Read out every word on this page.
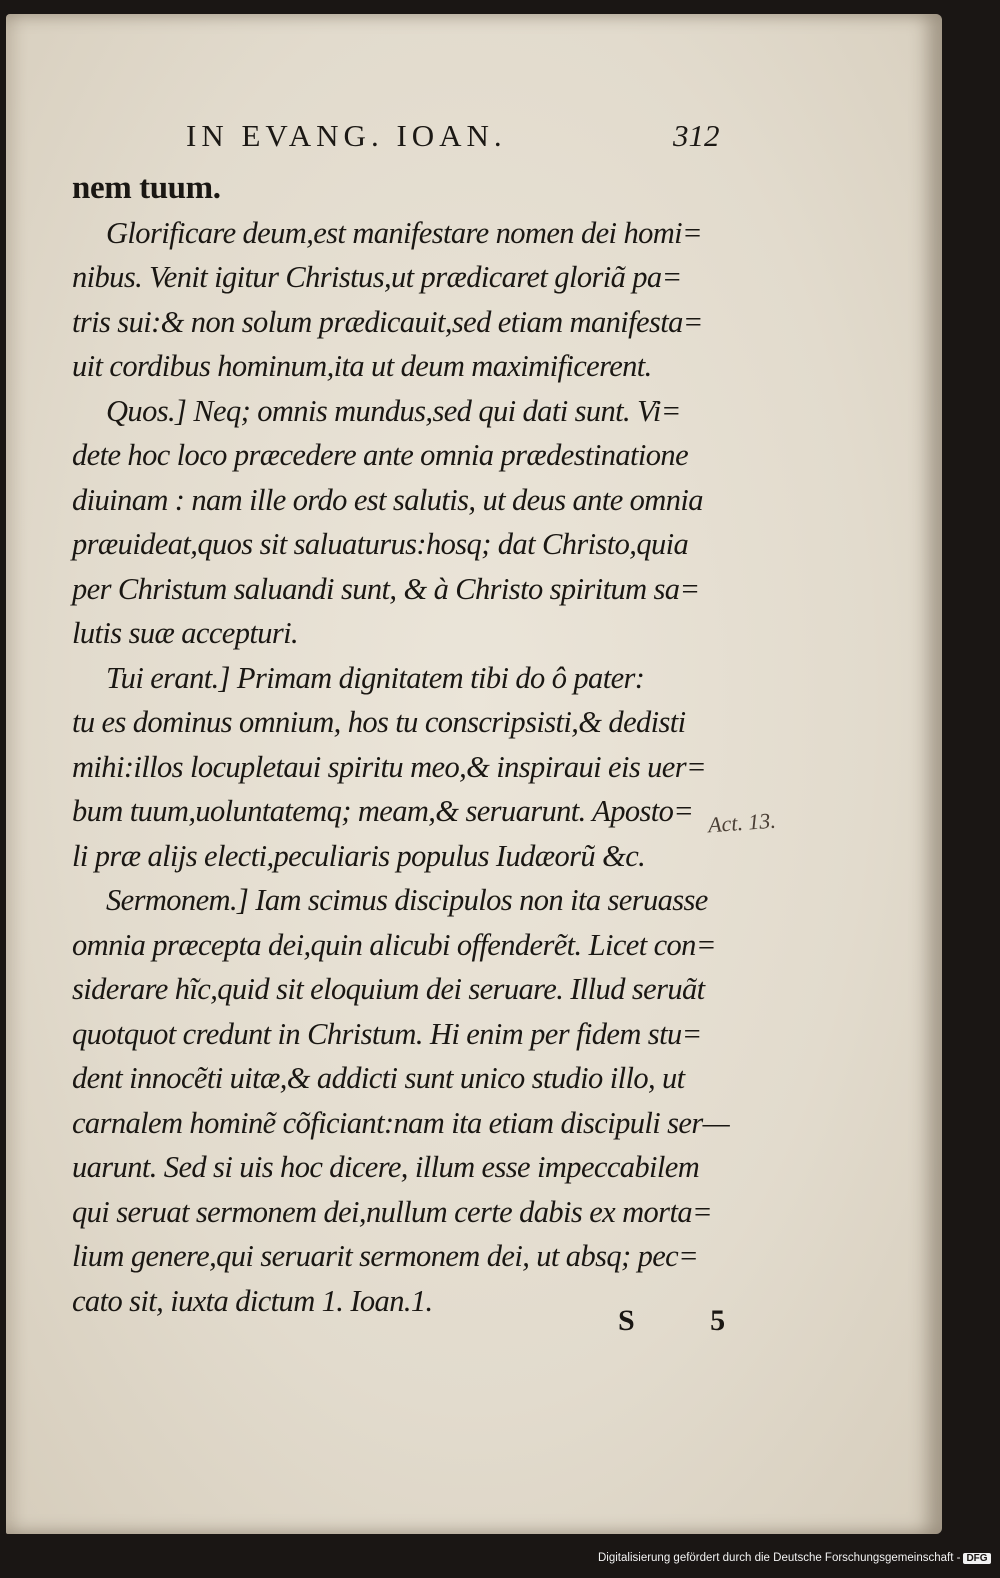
IN EVANG. IOAN.	312
nem tuum.
Glorificare deum,est manifestare nomen dei homi=
nibus. Venit igitur Christus,ut prædicaret gloriã pa=
tris sui:& non solum prædicauit,sed etiam manifesta=
uit cordibus hominum,ita ut deum maximificerent.
Quos.] Neq; omnis mundus,sed qui dati sunt. Vi=
dete hoc loco præcedere ante omnia prædestinatione
diuinam : nam ille ordo est salutis, ut deus ante omnia
præuideat,quos sit saluaturus:hosq; dat Christo,quia
per Christum saluandi sunt, & à Christo spiritum sa=
lutis suæ accepturi.
Tui erant.] Primam dignitatem tibi do ô pater:
tu es dominus omnium, hos tu conscripsisti,& dedisti
mihi:illos locupletaui spiritu meo,& inspiraui eis uer=
bum tuum,uoluntatemq; meam,& seruarunt. Aposto=
li præ alijs electi,peculiaris populus Iudæorũ &c.
Sermonem.] Iam scimus discipulos non ita seruasse
omnia præcepta dei,quin alicubi offenderẽt. Licet con=
siderare hĩc,quid sit eloquium dei seruare. Illud seruãt
quotquot credunt in Christum. Hi enim per fidem stu=
dent innocẽti uitæ,& addicti sunt unico studio illo, ut
carnalem hominẽ cõficiant:nam ita etiam discipuli ser—
uarunt. Sed si uis hoc dicere, illum esse impeccabilem
qui seruat sermonem dei,nullum certe dabis ex morta=
lium genere,qui seruarit sermonem dei, ut absq; pec=
cato sit, iuxta dictum 1. Ioan.1.
Act. 13.
S 5
Digitalisierung gefördert durch die Deutsche Forschungsgemeinschaft - DFG
